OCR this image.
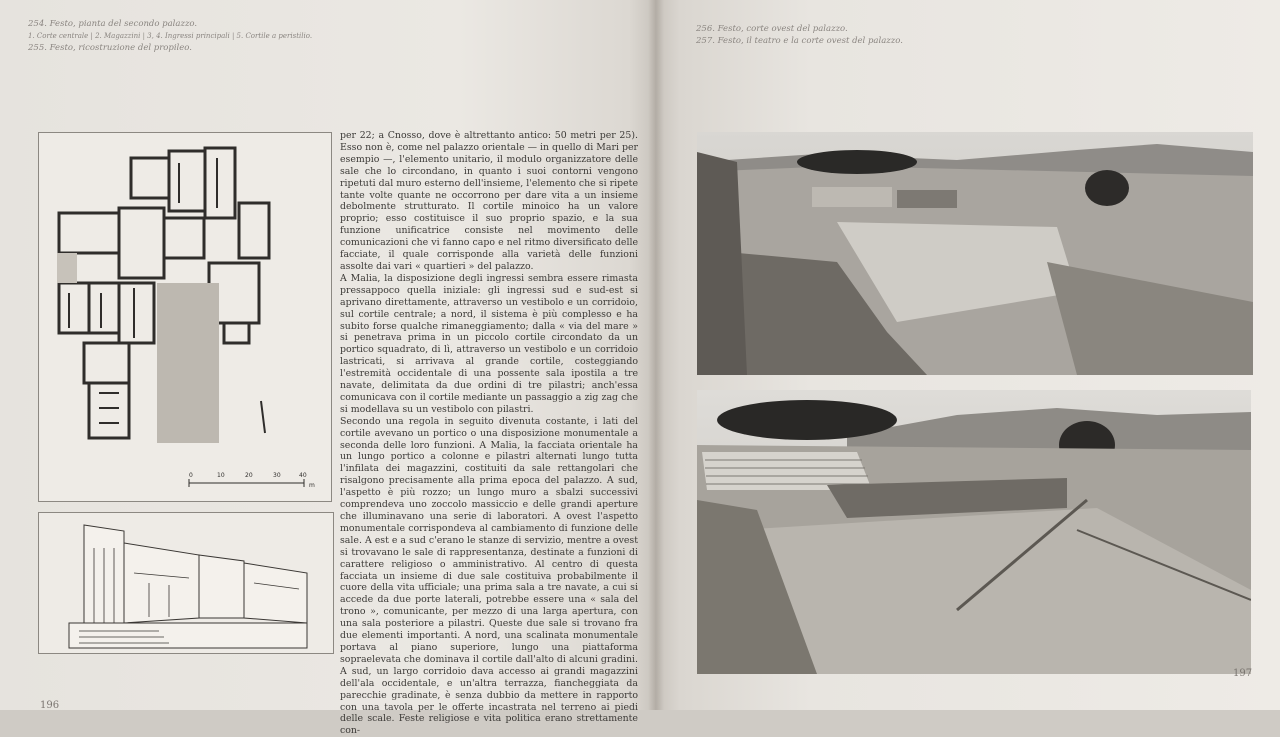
254. Festo, pianta del secondo palazzo.
1. Corte centrale | 2. Magazzini | 3, 4. Ingressi principali | 5. Cortile a peristilio.
255. Festo, ricostruzione del propileo.
0	10	20	30	40
m

per 22; a Cnosso, dove è altrettanto antico: 50 metri per 25). Esso non è, come nel palazzo orientale — in quello di Mari per esempio —, l'elemento unitario, il modulo organizzatore delle sale che lo circondano, in quanto i suoi contorni vengono ripetuti dal muro esterno dell'insieme, l'elemento che si ripete tante volte quante ne occorrono per dare vita a un insieme debolmente strutturato. Il cortile minoico ha un valore proprio; esso costituisce il suo proprio spazio, e la sua funzione unificatrice consiste nel movimento delle comunicazioni che vi fanno capo e nel ritmo diversificato delle facciate, il quale corrisponde alla varietà delle funzioni assolte dai vari « quartieri » del palazzo.

A Malia, la disposizione degli ingressi sembra essere rimasta pressappoco quella iniziale: gli ingressi sud e sud-est si aprivano direttamente, attraverso un vestibolo e un corridoio, sul cortile centrale; a nord, il sistema è più complesso e ha subito forse qualche rimaneggiamento; dalla « via del mare » si penetrava prima in un piccolo cortile circondato da un portico squadrato, di lì, attraverso un vestibolo e un corridoio lastricati, si arrivava al grande cortile, costeggiando l'estremità occidentale di una possente sala ipostila a tre navate, delimitata da due ordini di tre pilastri; anch'essa comunicava con il cortile mediante un passaggio a zig zag che si modellava su un vestibolo con pilastri.

Secondo una regola in seguito divenuta costante, i lati del cortile avevano un portico o una disposizione monumentale a seconda delle loro funzioni. A Malia, la facciata orientale ha un lungo portico a colonne e pilastri alternati lungo tutta l'infilata dei magazzini, costituiti da sale rettangolari che risalgono precisamente alla prima epoca del palazzo. A sud, l'aspetto è più rozzo; un lungo muro a sbalzi successivi comprendeva uno zoccolo massiccio e delle grandi aperture che illuminavano una serie di laboratori. A ovest l'aspetto monumentale corrispondeva al cambiamento di funzione delle sale. A est e a sud c'erano le stanze di servizio, mentre a ovest si trovavano le sale di rappresentanza, destinate a funzioni di carattere religioso o amministrativo. Al centro di questa facciata un insieme di due sale costituiva probabilmente il cuore della vita ufficiale; una prima sala a tre navate, a cui si accede da due porte laterali, potrebbe essere una « sala del trono », comunicante, per mezzo di una larga apertura, con una sala posteriore a pilastri. Queste due sale si trovano fra due elementi importanti. A nord, una scalinata monumentale portava al piano superiore, lungo una piattaforma sopraelevata che dominava il cortile dall'alto di alcuni gradini. A sud, un largo corridoio dava accesso ai grandi magazzini dell'ala occidentale, e un'altra terrazza, fiancheggiata da parecchie gradinate, è senza dubbio da mettere in rapporto con una tavola per le offerte incastrata nel terreno ai piedi delle scale. Feste religiose e vita politica erano strettamente con-

196
256. Festo, corte ovest del palazzo.
257. Festo, il teatro e la corte ovest del palazzo.
197
